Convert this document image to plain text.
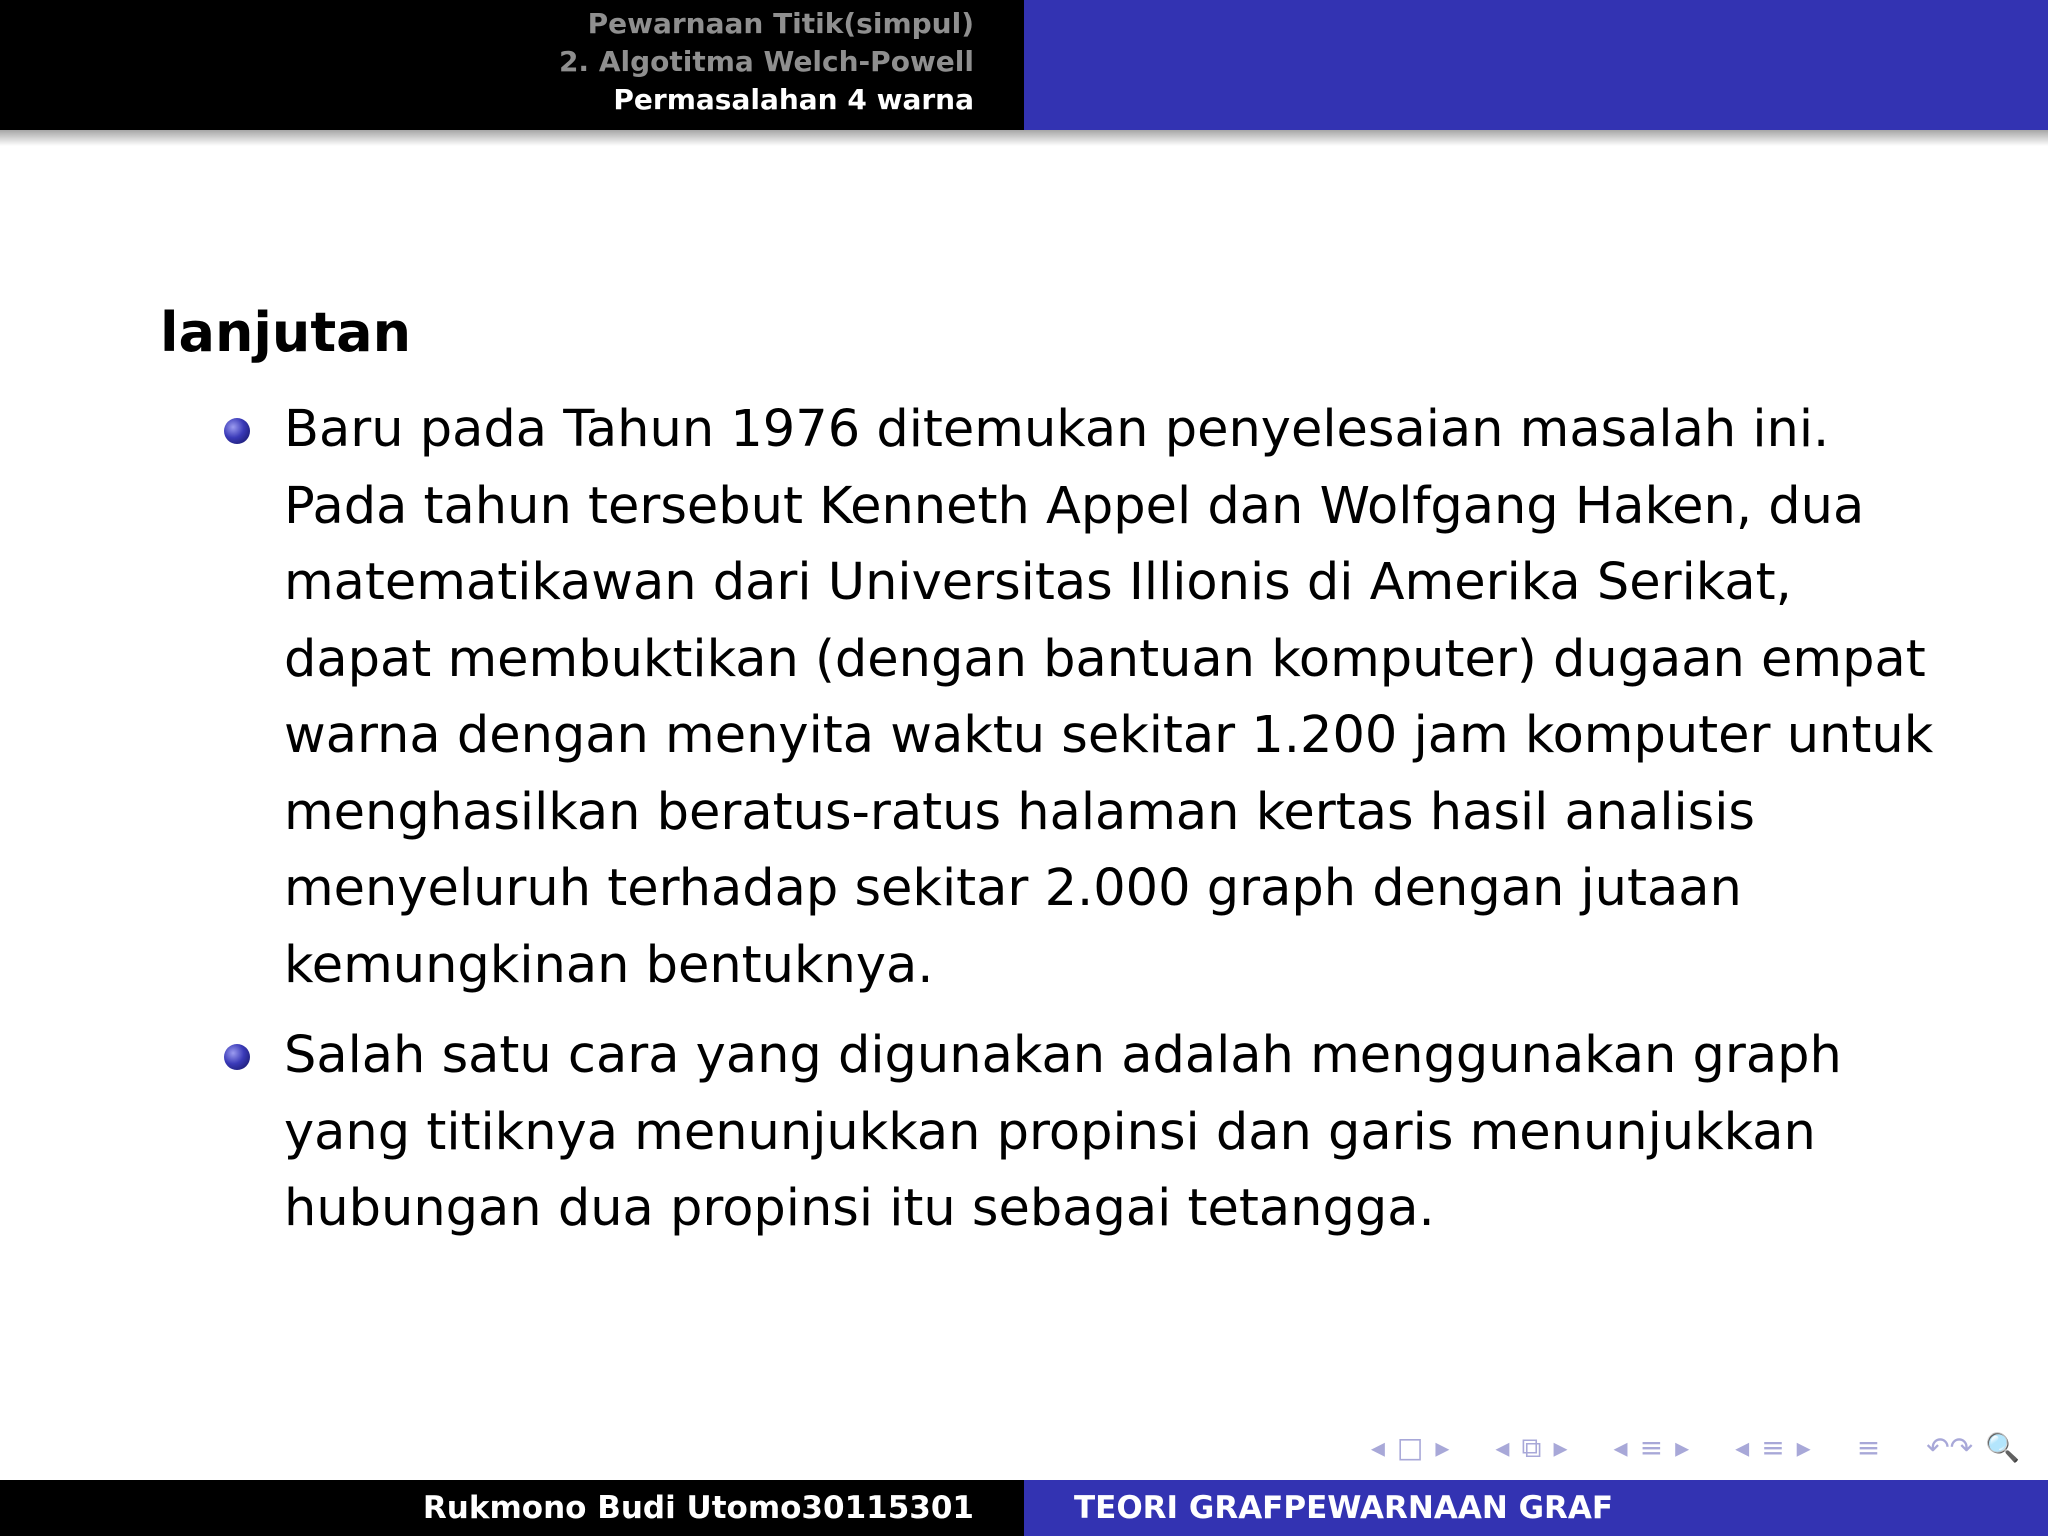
Pewarnaan Titik(simpul)
2. Algotitma Welch-Powell
Permasalahan 4 warna
lanjutan
Baru pada Tahun 1976 ditemukan penyelesaian masalah ini. Pada tahun tersebut Kenneth Appel dan Wolfgang Haken, dua matematikawan dari Universitas Illionis di Amerika Serikat, dapat membuktikan (dengan bantuan komputer) dugaan empat warna dengan menyita waktu sekitar 1.200 jam komputer untuk menghasilkan beratus-ratus halaman kertas hasil analisis menyeluruh terhadap sekitar 2.000 graph dengan jutaan kemungkinan bentuknya.
Salah satu cara yang digunakan adalah menggunakan graph yang titiknya menunjukkan propinsi dan garis menunjukkan hubungan dua propinsi itu sebagai tetangga.
◂ □ ▸ ◂ ⧉ ▸ ◂ ≡ ▸ ◂ ≡ ▸ ≡ ↶↷ 🔍
Rukmono Budi Utomo30115301	TEORI GRAFPEWARNAAN GRAF
